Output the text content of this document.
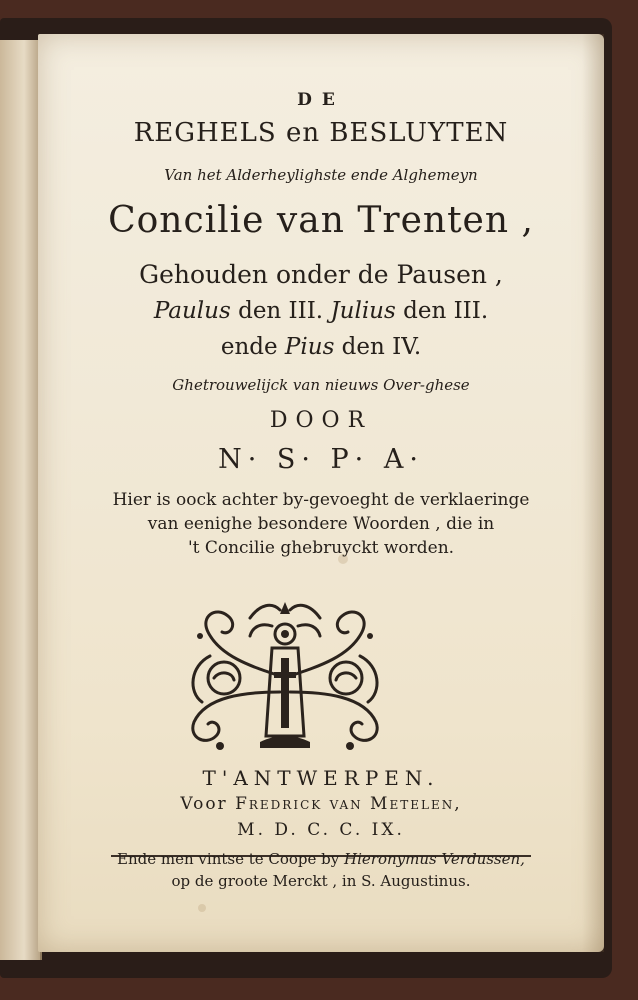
DE
REGHELS en BESLUYTEN
Van het Alderheylighste ende Alghemeyn
Concilie van Trenten ,
Gehouden onder de Pausen ,
Paulus den III. Julius den III.
ende Pius den IV.
Ghetrouwelijck van nieuws Over-ghese
DOOR
N· S· P· A·
Hier is oock achter by-gevoeght de verklaeringe
van eenighe besondere Woorden , die in
't Concilie ghebruyckt worden.
T'ANTWERPEN.
Voor Fredrick van Metelen,
M. D. C. C. IX.
Ende men vintse te Coope by Hieronymus Verdussen,
op de groote Merckt , in S. Augustinus.
